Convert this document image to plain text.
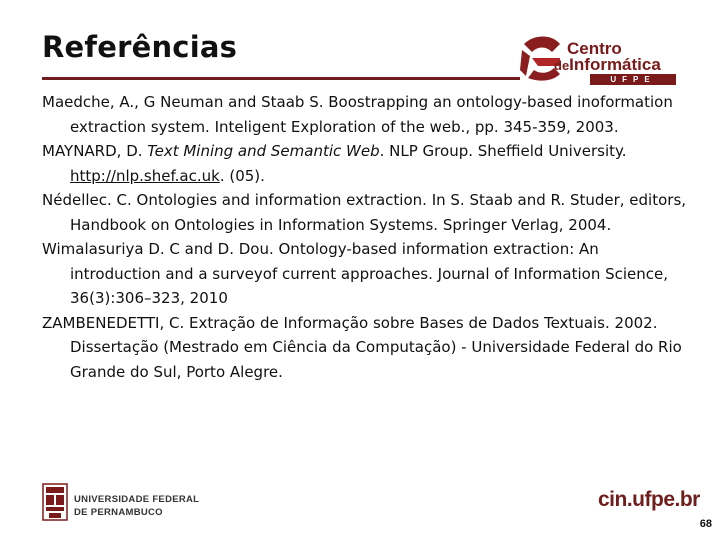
Referências	Centro
deInformática
UFPE
Maedche, A., G Neuman and Staab S. Boostrapping an ontology-based inoformation extraction system. Inteligent Exploration of the web., pp. 345-359, 2003.
MAYNARD, D. Text Mining and Semantic Web. NLP Group. Sheffield University. http://nlp.shef.ac.uk. (05).
Nédellec. C. Ontologies and information extraction. In S. Staab and R. Studer, editors, Handbook on Ontologies in Information Systems. Springer Verlag, 2004.
Wimalasuriya D. C and D. Dou. Ontology-based information extraction: An introduction and a surveyof current approaches. Journal of Information Science, 36(3):306–323, 2010
ZAMBENEDETTI, C. Extração de Informação sobre Bases de Dados Textuais. 2002. Dissertação (Mestrado em Ciência da Computação) - Universidade Federal do Rio Grande do Sul, Porto Alegre.
UNIVERSIDADE FEDERAL
DE PERNAMBUCO
cin.ufpe.br
68
